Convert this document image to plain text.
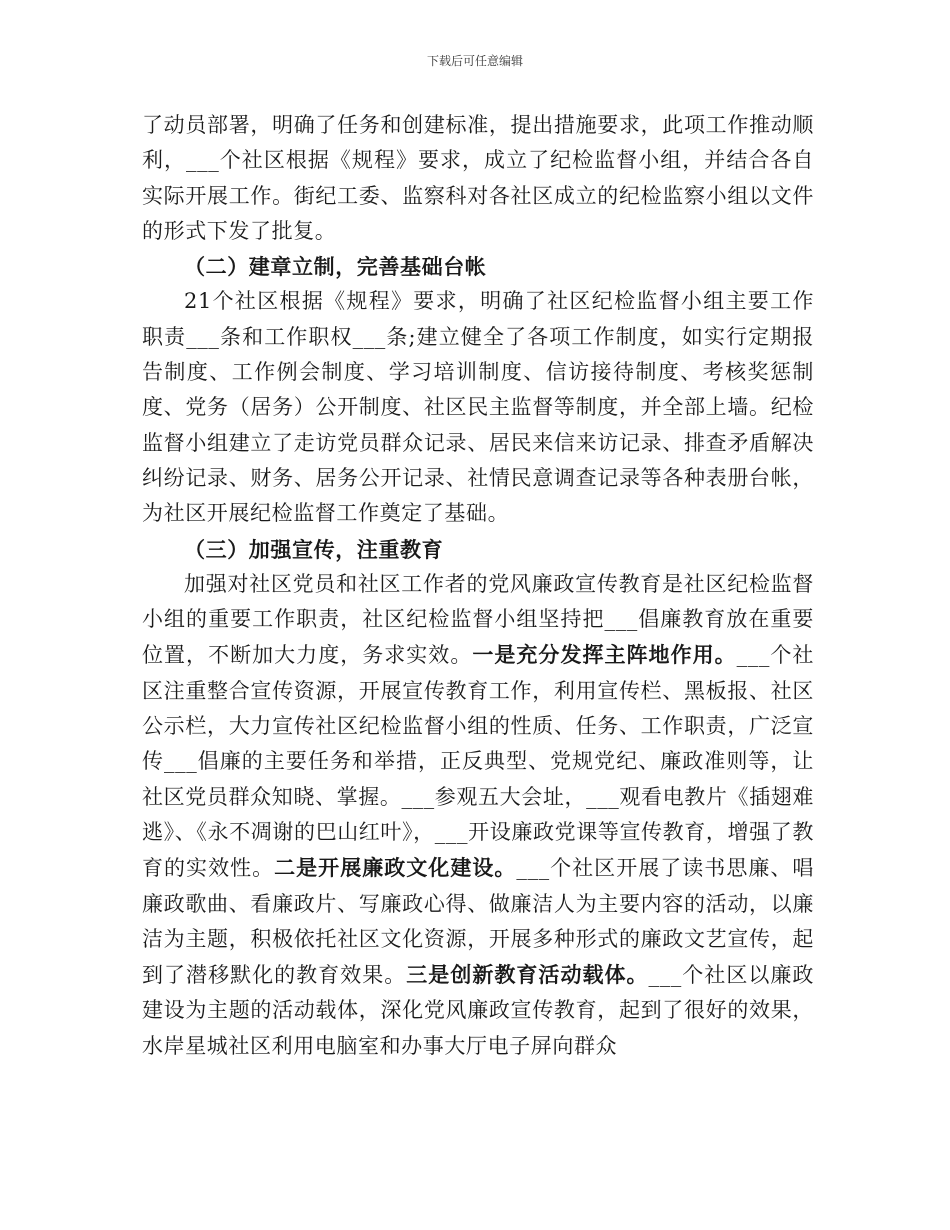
下载后可任意编辑

了动员部署，明确了任务和创建标准，提出措施要求，此项工作推动顺利，___个社区根据《规程》要求，成立了纪检监督小组，并结合各自实际开展工作。街纪工委、监察科对各社区成立的纪检监察小组以文件的形式下发了批复。

（二）建章立制，完善基础台帐

21个社区根据《规程》要求，明确了社区纪检监督小组主要工作职责___条和工作职权___条;建立健全了各项工作制度，如实行定期报告制度、工作例会制度、学习培训制度、信访接待制度、考核奖惩制度、党务（居务）公开制度、社区民主监督等制度，并全部上墙。纪检监督小组建立了走访党员群众记录、居民来信来访记录、排查矛盾解决纠纷记录、财务、居务公开记录、社情民意调查记录等各种表册台帐，为社区开展纪检监督工作奠定了基础。

（三）加强宣传，注重教育

加强对社区党员和社区工作者的党风廉政宣传教育是社区纪检监督小组的重要工作职责，社区纪检监督小组坚持把___倡廉教育放在重要位置，不断加大力度，务求实效。一是充分发挥主阵地作用。___个社区注重整合宣传资源，开展宣传教育工作，利用宣传栏、黑板报、社区公示栏，大力宣传社区纪检监督小组的性质、任务、工作职责，广泛宣传___倡廉的主要任务和举措，正反典型、党规党纪、廉政准则等，让社区党员群众知晓、掌握。___参观五大会址，___观看电教片《插翅难逃》、《永不凋谢的巴山红叶》，___开设廉政党课等宣传教育，增强了教育的实效性。二是开展廉政文化建设。___个社区开展了读书思廉、唱廉政歌曲、看廉政片、写廉政心得、做廉洁人为主要内容的活动，以廉洁为主题，积极依托社区文化资源，开展多种形式的廉政文艺宣传，起到了潜移默化的教育效果。三是创新教育活动载体。___个社区以廉政建设为主题的活动载体，深化党风廉政宣传教育，起到了很好的效果，水岸星城社区利用电脑室和办事大厅电子屏向群众
